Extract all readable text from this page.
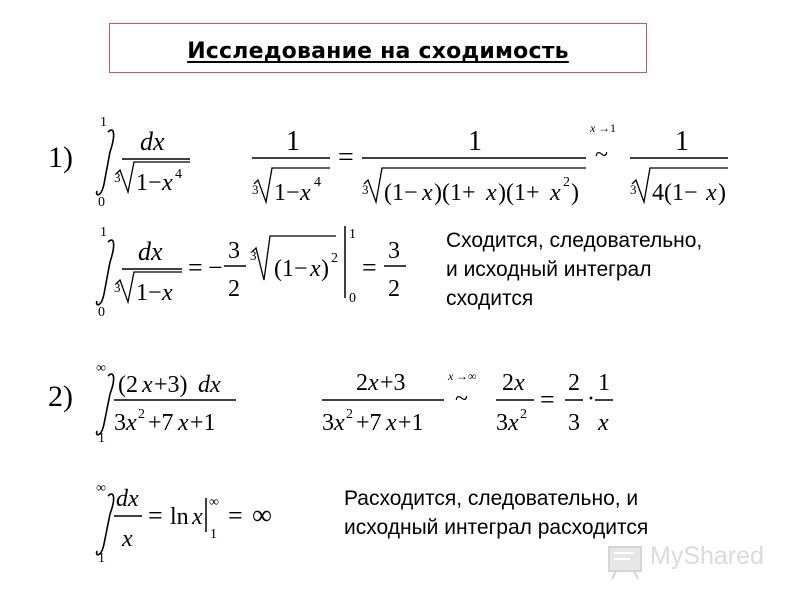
Исследование на сходимость
1)
1
0
dx
3 1− x 4
1
3 1− x 4
=
1
3 (1− x )(1+ x )(1+ x 2 )
x →1
~ 1
3 4(1− x )
1
0
dx
3 1− x
= −
3
2
3
(1− x ) 2
1
0
=
3
2
Сходится, следовательно,
и исходный интеграл
сходится
2)
∞
1
(2 x +3) dx
3 x 2 +7 x +1
2 x +3
3 x 2 +7 x +1
x →∞
~
2 x
3 x 2
=
2
3
·
1
x
∞
1
dx
x
= ln x
∞
1
= ∞
Расходится, следовательно, и
исходный интеграл расходится
MyShared
